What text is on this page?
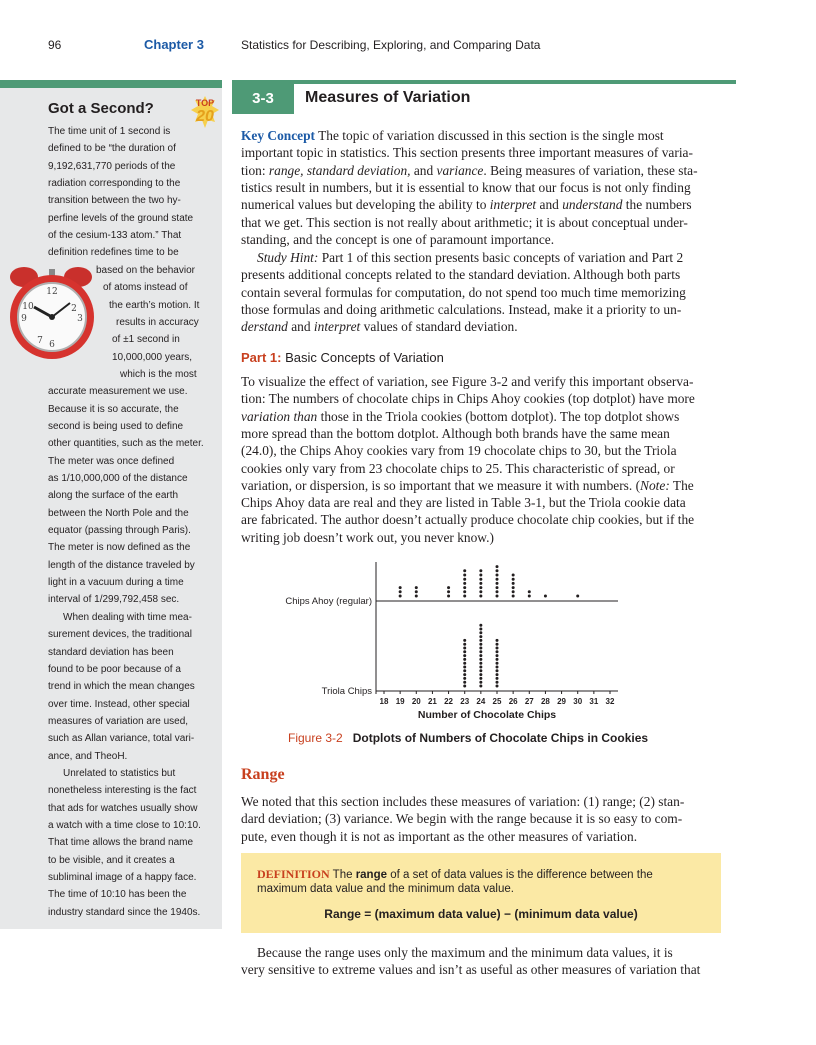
96	Chapter 3	Statistics for Describing, Exploring, and Comparing Data
Got a Second?	TOP
20
The time unit of 1 second is
defined to be “the duration of
9,192,631,770 periods of the
radiation corresponding to the
transition between the two hy-
perfine levels of the ground state
of the cesium-133 atom.” That
definition redefines time to be
based on the behavior
of atoms instead of
the earth’s motion. It
results in accuracy
of ±1 second in
10,000,000 years,
which is the most
accurate measurement we use.
Because it is so accurate, the
second is being used to define
other quantities, such as the meter.
The meter was once defined
as 1/10,000,000 of the distance
along the surface of the earth
between the North Pole and the
equator (passing through Paris).
The meter is now defined as the
length of the distance traveled by
light in a vacuum during a time
interval of 1/299,792,458 sec.
When dealing with time mea-
surement devices, the traditional
standard deviation has been
found to be poor because of a
trend in which the mean changes
over time. Instead, other special
measures of variation are used,
such as Allan variance, total vari-
ance, and TheoH.
Unrelated to statistics but
nonetheless interesting is the fact
that ads for watches usually show
a watch with a time close to 10:10.
That time allows the brand name
to be visible, and it creates a
subliminal image of a happy face.
The time of 10:10 has been the
industry standard since the 1940s.
12
2
3
9
10
7 6
3-3	Measures of Variation
Key Concept The topic of variation discussed in this section is the single most
important topic in statistics. This section presents three important measures of varia-
tion: range, standard deviation, and variance. Being measures of variation, these sta-
tistics result in numbers, but it is essential to know that our focus is not only finding
numerical values but developing the ability to interpret and understand the numbers
that we get. This section is not really about arithmetic; it is about conceptual under-
standing, and the concept is one of paramount importance.
Study Hint: Part 1 of this section presents basic concepts of variation and Part 2
presents additional concepts related to the standard deviation. Although both parts
contain several formulas for computation, do not spend too much time memorizing
those formulas and doing arithmetic calculations. Instead, make it a priority to un-
derstand and interpret values of standard deviation.
Part 1: Basic Concepts of Variation
To visualize the effect of variation, see Figure 3-2 and verify this important observa-
tion: The numbers of chocolate chips in Chips Ahoy cookies (top dotplot) have more
variation than those in the Triola cookies (bottom dotplot). The top dotplot shows
more spread than the bottom dotplot. Although both brands have the same mean
(24.0), the Chips Ahoy cookies vary from 19 chocolate chips to 30, but the Triola
cookies only vary from 23 chocolate chips to 25. This characteristic of spread, or
variation, or dispersion, is so important that we measure it with numbers. (Note: The
Chips Ahoy data are real and they are listed in Table 3-1, but the Triola cookie data
are fabricated. The author doesn’t actually produce chocolate chip cookies, but if the
writing job doesn’t work out, you never know.)
Chips Ahoy (regular)
Triola Chips
18 19 20 21 22 23 24 25 26 27 28 29 30 31 32
Number of Chocolate Chips
Figure 3-2 Dotplots of Numbers of Chocolate Chips in Cookies
Range
We noted that this section includes these measures of variation: (1) range; (2) stan-
dard deviation; (3) variance. We begin with the range because it is so easy to com-
pute, even though it is not as important as the other measures of variation.
DEFINITION The range of a set of data values is the difference between the
maximum data value and the minimum data value.
Range = (maximum data value) − (minimum data value)
Because the range uses only the maximum and the minimum data values, it is
very sensitive to extreme values and isn’t as useful as other measures of variation that
